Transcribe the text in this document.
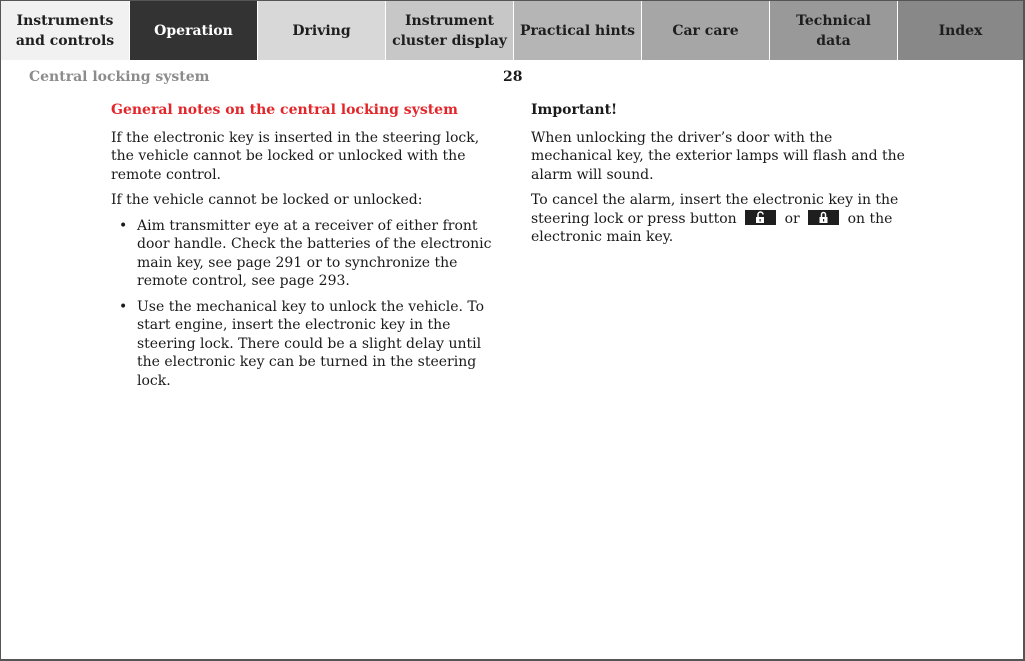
Instruments
and controls
Operation	Driving
Instrument
cluster display
Practical hints	Car care
Technical
data
Index
Central locking system	28
General notes on the central locking system

If the electronic key is inserted in the steering lock, the vehicle cannot be locked or unlocked with the remote control.

If the vehicle cannot be locked or unlocked:

• Aim transmitter eye at a receiver of either front door handle. Check the batteries of the electronic main key, see page 291 or to synchronize the remote control, see page 293.
• Use the mechanical key to unlock the vehicle. To start engine, insert the electronic key in the steering lock. There could be a slight delay until the electronic key can be turned in the steering lock.
Important!

When unlocking the driver’s door with the mechanical key, the exterior lamps will flash and the alarm will sound.

To cancel the alarm, insert the electronic key in the steering lock or press button	or	on the electronic main key.
